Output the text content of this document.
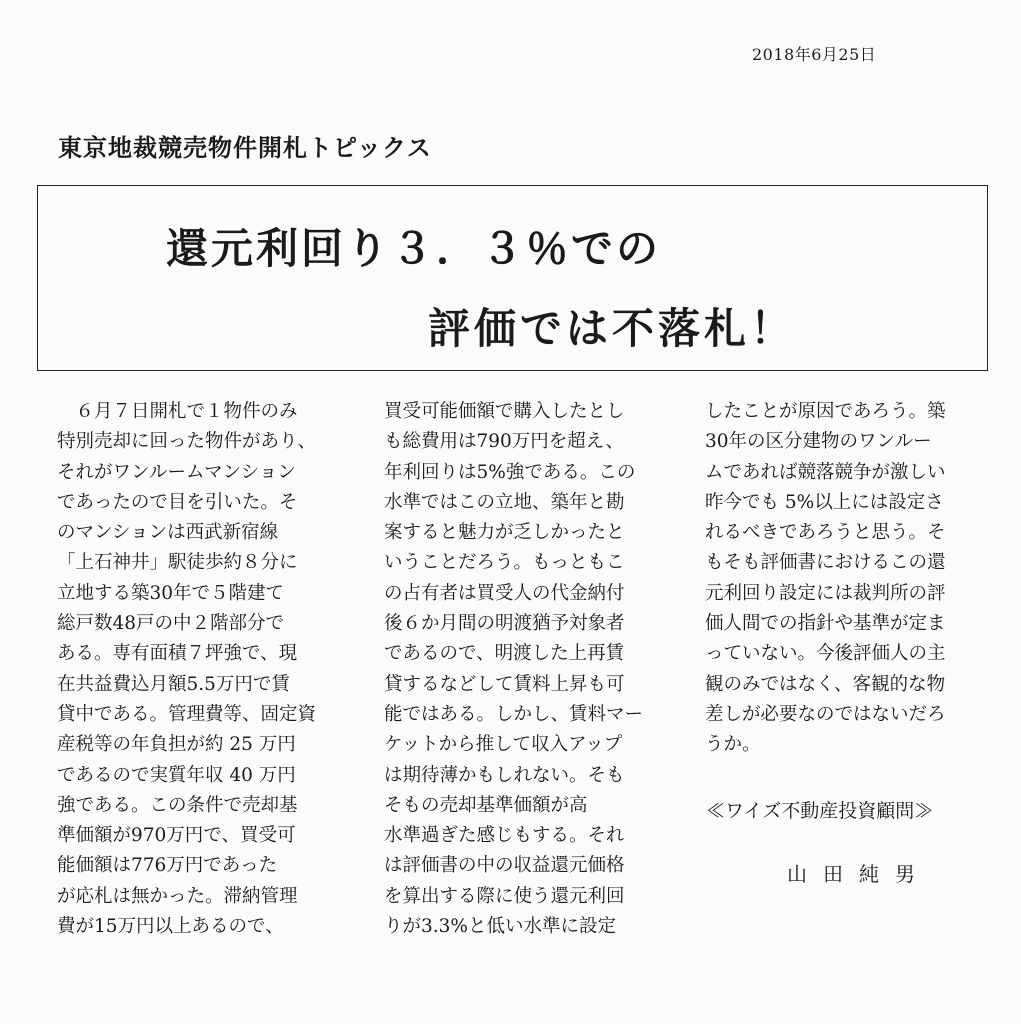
2018年6月25日
東京地裁競売物件開札トピックス
還元利回り３．３％での
評価では不落札！
　６月７日開札で１物件のみ
特別売却に回った物件があり、
それがワンルームマンション
であったので目を引いた。そ
のマンションは西武新宿線
「上石神井」駅徒歩約８分に
立地する築30年で５階建て
総戸数48戸の中２階部分で
ある。専有面積７坪強で、現
在共益費込月額5.5万円で賃
貸中である。管理費等、固定資
産税等の年負担が約 25 万円
であるので実質年収 40 万円
強である。この条件で売却基
準価額が970万円で、買受可
能価額は776万円であった
が応札は無かった。滞納管理
費が15万円以上あるので、
買受可能価額で購入したとし
も総費用は790万円を超え、
年利回りは5%強である。この
水準ではこの立地、築年と勘
案すると魅力が乏しかったと
いうことだろう。もっともこ
の占有者は買受人の代金納付
後６か月間の明渡猶予対象者
であるので、明渡した上再賃
貸するなどして賃料上昇も可
能ではある。しかし、賃料マー
ケットから推して収入アップ
は期待薄かもしれない。そも
そもの売却基準価額が高
水準過ぎた感じもする。それ
は評価書の中の収益還元価格
を算出する際に使う還元利回
りが3.3%と低い水準に設定
したことが原因であろう。築
30年の区分建物のワンルー
ムであれば競落競争が激しい
昨今でも 5%以上には設定さ
れるべきであろうと思う。そ
もそも評価書におけるこの還
元利回り設定には裁判所の評
価人間での指針や基準が定ま
っていない。今後評価人の主
観のみではなく、客観的な物
差しが必要なのではないだろ
うか。
≪ワイズ不動産投資顧問≫
山田純男
